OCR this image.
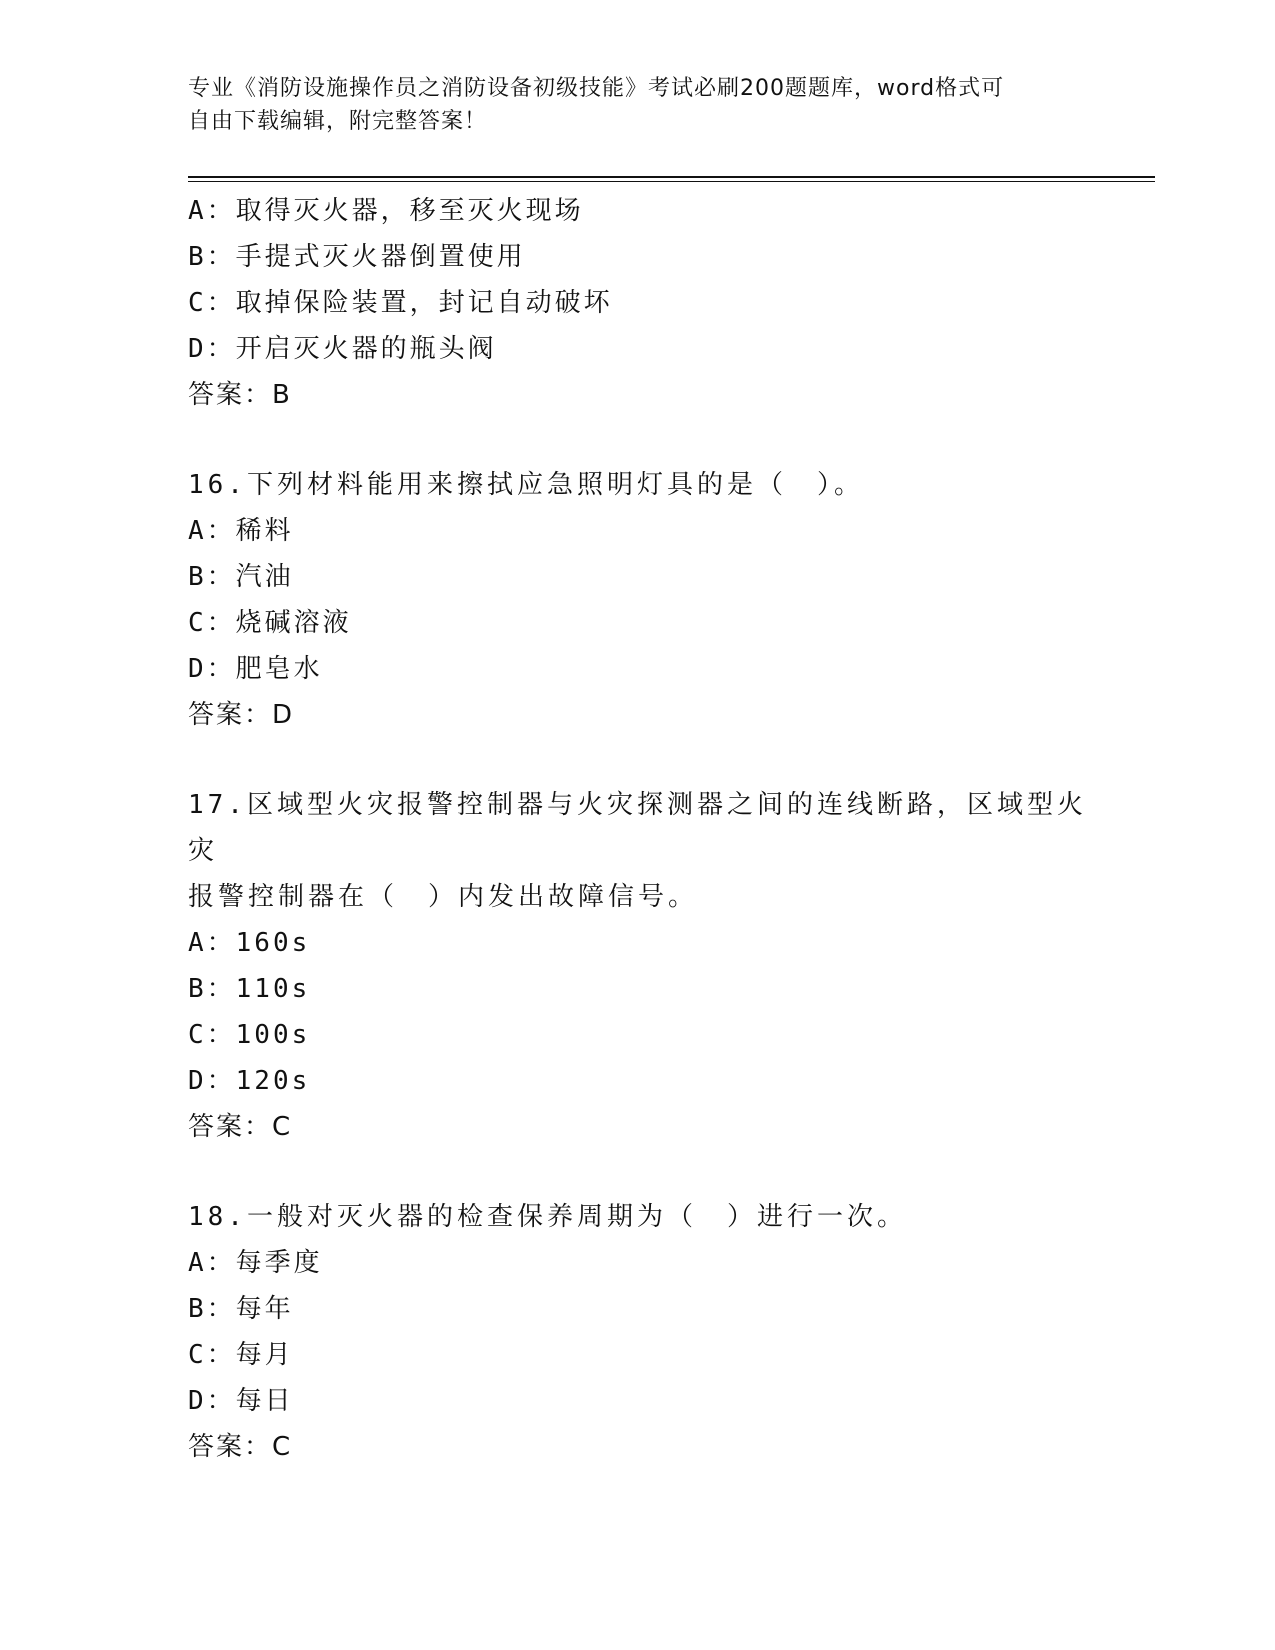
专业《消防设施操作员之消防设备初级技能》考试必刷200题题库，word格式可
自由下载编辑，附完整答案！
A：取得灭火器，移至灭火现场
B：手提式灭火器倒置使用
C：取掉保险装置，封记自动破坏
D：开启灭火器的瓶头阀
答案：B
16.下列材料能用来擦拭应急照明灯具的是（　）。
A：稀料
B：汽油
C：烧碱溶液
D：肥皂水
答案：D
17.区域型火灾报警控制器与火灾探测器之间的连线断路，区域型火灾
报警控制器在（　）内发出故障信号。
A：160s
B：110s
C：100s
D：120s
答案：C
18.一般对灭火器的检查保养周期为（　）进行一次。
A：每季度
B：每年
C：每月
D：每日
答案：C
